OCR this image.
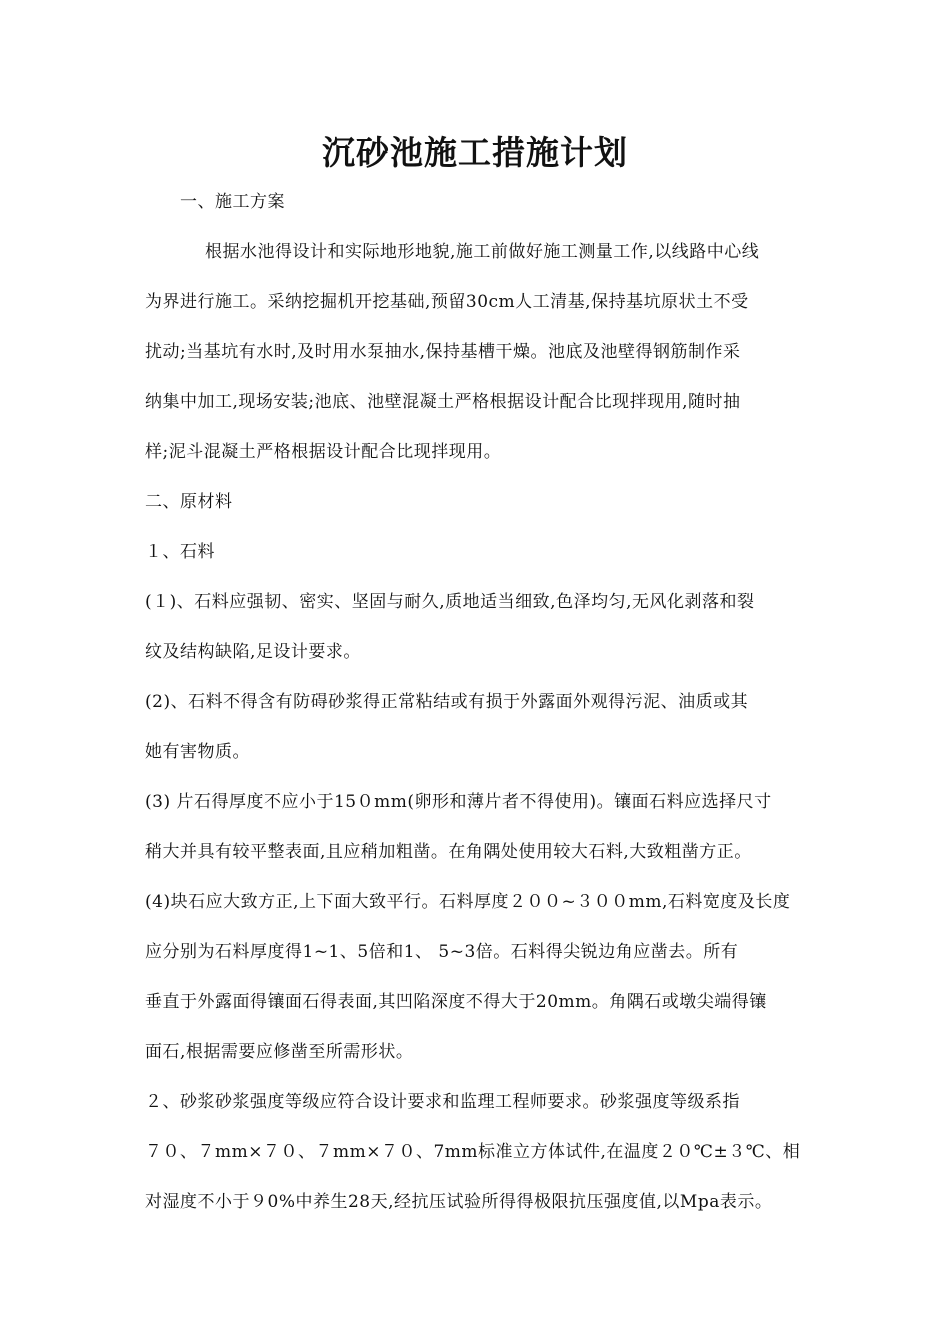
沉砂池施工措施计划
一、施工方案
根据水池得设计和实际地形地貌,施工前做好施工测量工作,以线路中心线
为界进行施工。采纳挖掘机开挖基础,预留30cm人工清基,保持基坑原状土不受
扰动;当基坑有水时,及时用水泵抽水,保持基槽干燥。池底及池壁得钢筋制作采
纳集中加工,现场安装;池底、池壁混凝土严格根据设计配合比现拌现用,随时抽
样;泥斗混凝土严格根据设计配合比现拌现用。
二、原材料
１、石料
(１)、石料应强韧、密实、坚固与耐久,质地适当细致,色泽均匀,无风化剥落和裂
纹及结构缺陷,足设计要求。
(2)、石料不得含有防碍砂浆得正常粘结或有损于外露面外观得污泥、油质或其
她有害物质。
(3) 片石得厚度不应小于15０mm(卵形和薄片者不得使用)。镶面石料应选择尺寸
稍大并具有较平整表面,且应稍加粗凿。在角隅处使用较大石料,大致粗凿方正。
(4)块石应大致方正,上下面大致平行。石料厚度２００~３００mm,石料宽度及长度
应分别为石料厚度得1~1、5倍和1、 5~3倍。石料得尖锐边角应凿去。所有
垂直于外露面得镶面石得表面,其凹陷深度不得大于20mm。角隅石或墩尖端得镶
面石,根据需要应修凿至所需形状。
２、砂浆砂浆强度等级应符合设计要求和监理工程师要求。砂浆强度等级系指
７０、７mm×７０、７mm×７０、7mm标准立方体试件,在温度２０℃±３℃、相
对湿度不小于９0%中养生28天,经抗压试验所得得极限抗压强度值,以Mpa表示。
